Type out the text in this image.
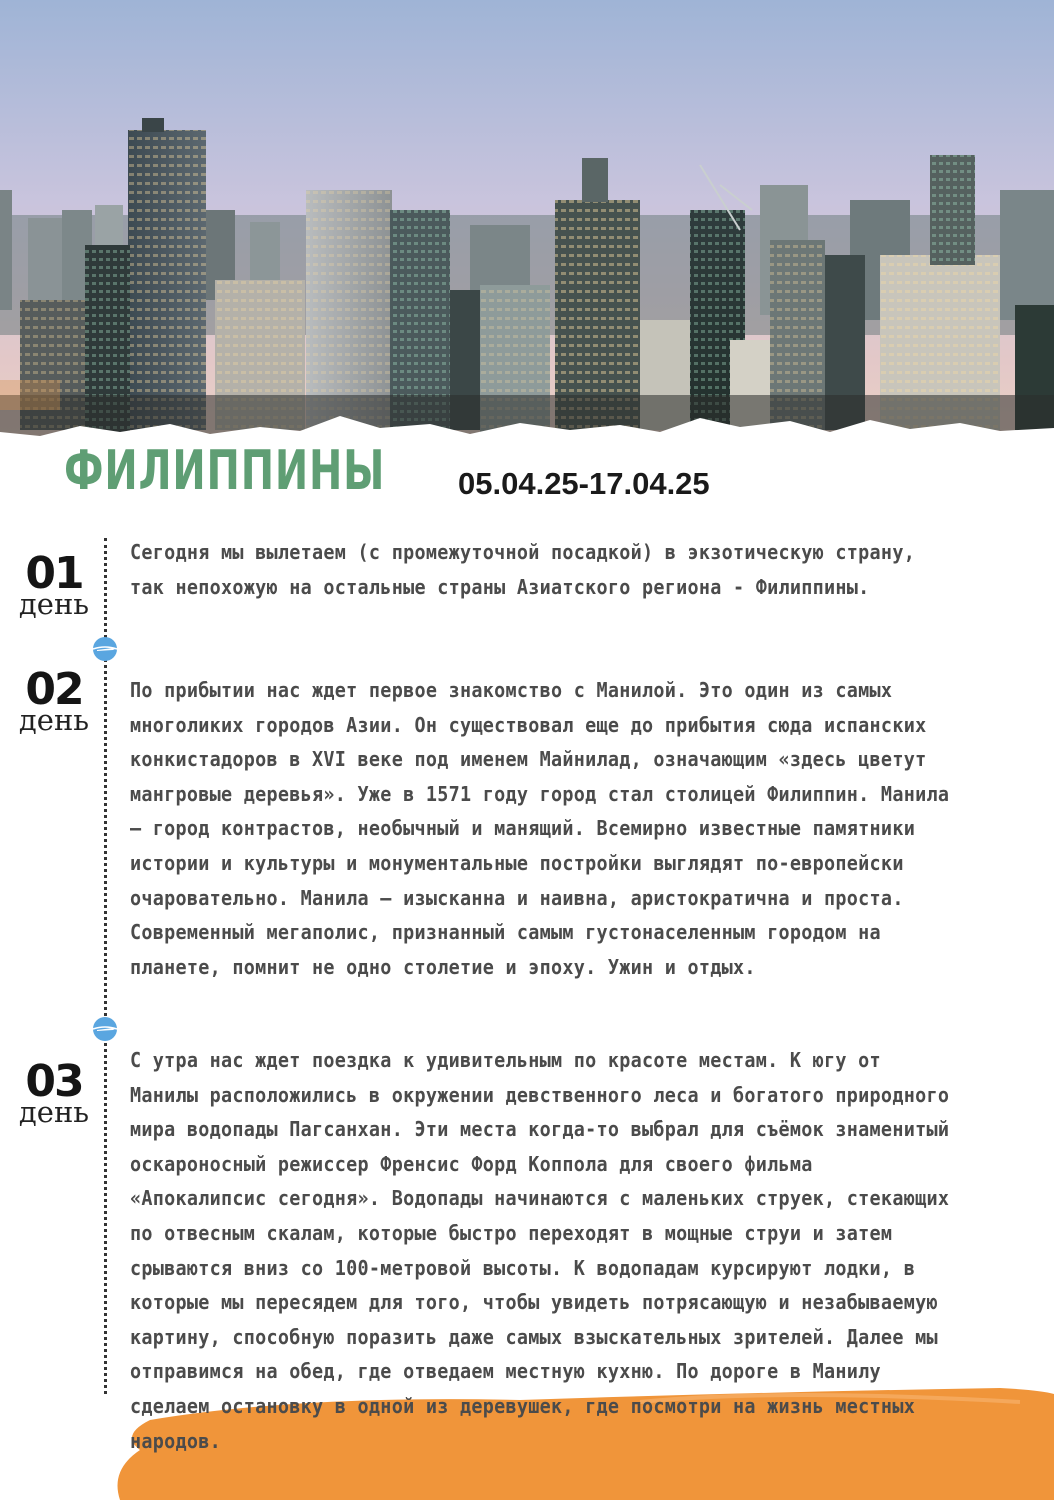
ФИЛИППИНЫ 05.04.25-17.04.25
01
день

Сегодня мы вылетаем (с промежуточной посадкой) в экзотическую страну, так непохожую на остальные страны Азиатского региона - Филиппины.

02
день

По прибытии нас ждет первое знакомство с Манилой. Это один из самых многоликих городов Азии. Он существовал еще до прибытия сюда испанских конкистадоров в XVI веке под именем Майнилад, означающим «здесь цветут мангровые деревья». Уже в 1571 году город стал столицей Филиппин. Манила – город контрастов, необычный и манящий. Всемирно известные памятники истории и культуры и монументальные постройки выглядят по-европейски очаровательно. Манила — изысканна и наивна, аристократична и проста. Современный мегаполис, признанный самым густонаселенным городом на планете, помнит не одно столетие и эпоху. Ужин и отдых.

03
день

С утра нас ждет поездка к удивительным по красоте местам. К югу от Манилы расположились в окружении девственного леса и богатого природного мира водопады Пагсанхан. Эти места когда-то выбрал для съёмок знаменитый оскароносный режиссер Френсис Форд Коппола для своего фильма «Апокалипсис сегодня». Водопады начинаются с маленьких струек, стекающих по отвесным скалам, которые быстро переходят в мощные струи и затем срываются вниз со 100-метровой высоты. К водопадам курсируют лодки, в которые мы пересядем для того, чтобы увидеть потрясающую и незабываемую картину, способную поразить даже самых взыскательных зрителей. Далее мы отправимся на обед, где отведаем местную кухню. По дороге в Манилу сделаем остановку в одной из деревушек, где посмотри на жизнь местных народов.
